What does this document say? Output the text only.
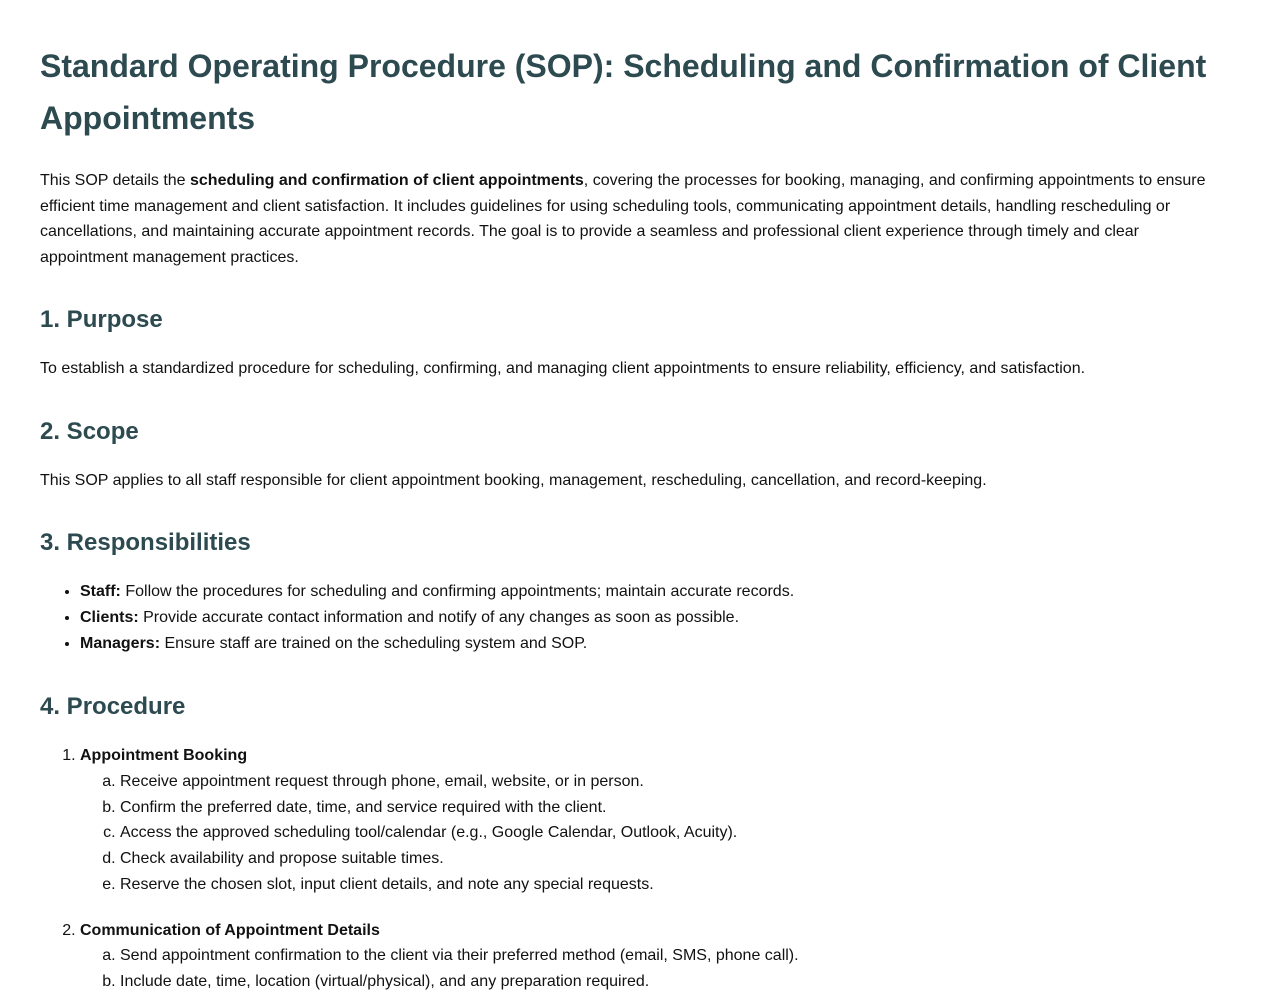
Standard Operating Procedure (SOP): Scheduling and Confirmation of Client Appointments

This SOP details the scheduling and confirmation of client appointments, covering the processes for booking, managing, and confirming appointments to ensure efficient time management and client satisfaction. It includes guidelines for using scheduling tools, communicating appointment details, handling rescheduling or cancellations, and maintaining accurate appointment records. The goal is to provide a seamless and professional client experience through timely and clear appointment management practices.

1. Purpose

To establish a standardized procedure for scheduling, confirming, and managing client appointments to ensure reliability, efficiency, and satisfaction.

2. Scope

This SOP applies to all staff responsible for client appointment booking, management, rescheduling, cancellation, and record-keeping.

3. Responsibilities
• Staff: Follow the procedures for scheduling and confirming appointments; maintain accurate records.
• Clients: Provide accurate contact information and notify of any changes as soon as possible.
• Managers: Ensure staff are trained on the scheduling system and SOP.
4. Procedure
1. Appointment Booking
a. Receive appointment request through phone, email, website, or in person.
b. Confirm the preferred date, time, and service required with the client.
c. Access the approved scheduling tool/calendar (e.g., Google Calendar, Outlook, Acuity).
d. Check availability and propose suitable times.
e. Reserve the chosen slot, input client details, and note any special requests.
2. Communication of Appointment Details
a. Send appointment confirmation to the client via their preferred method (email, SMS, phone call).
b. Include date, time, location (virtual/physical), and any preparation required.
